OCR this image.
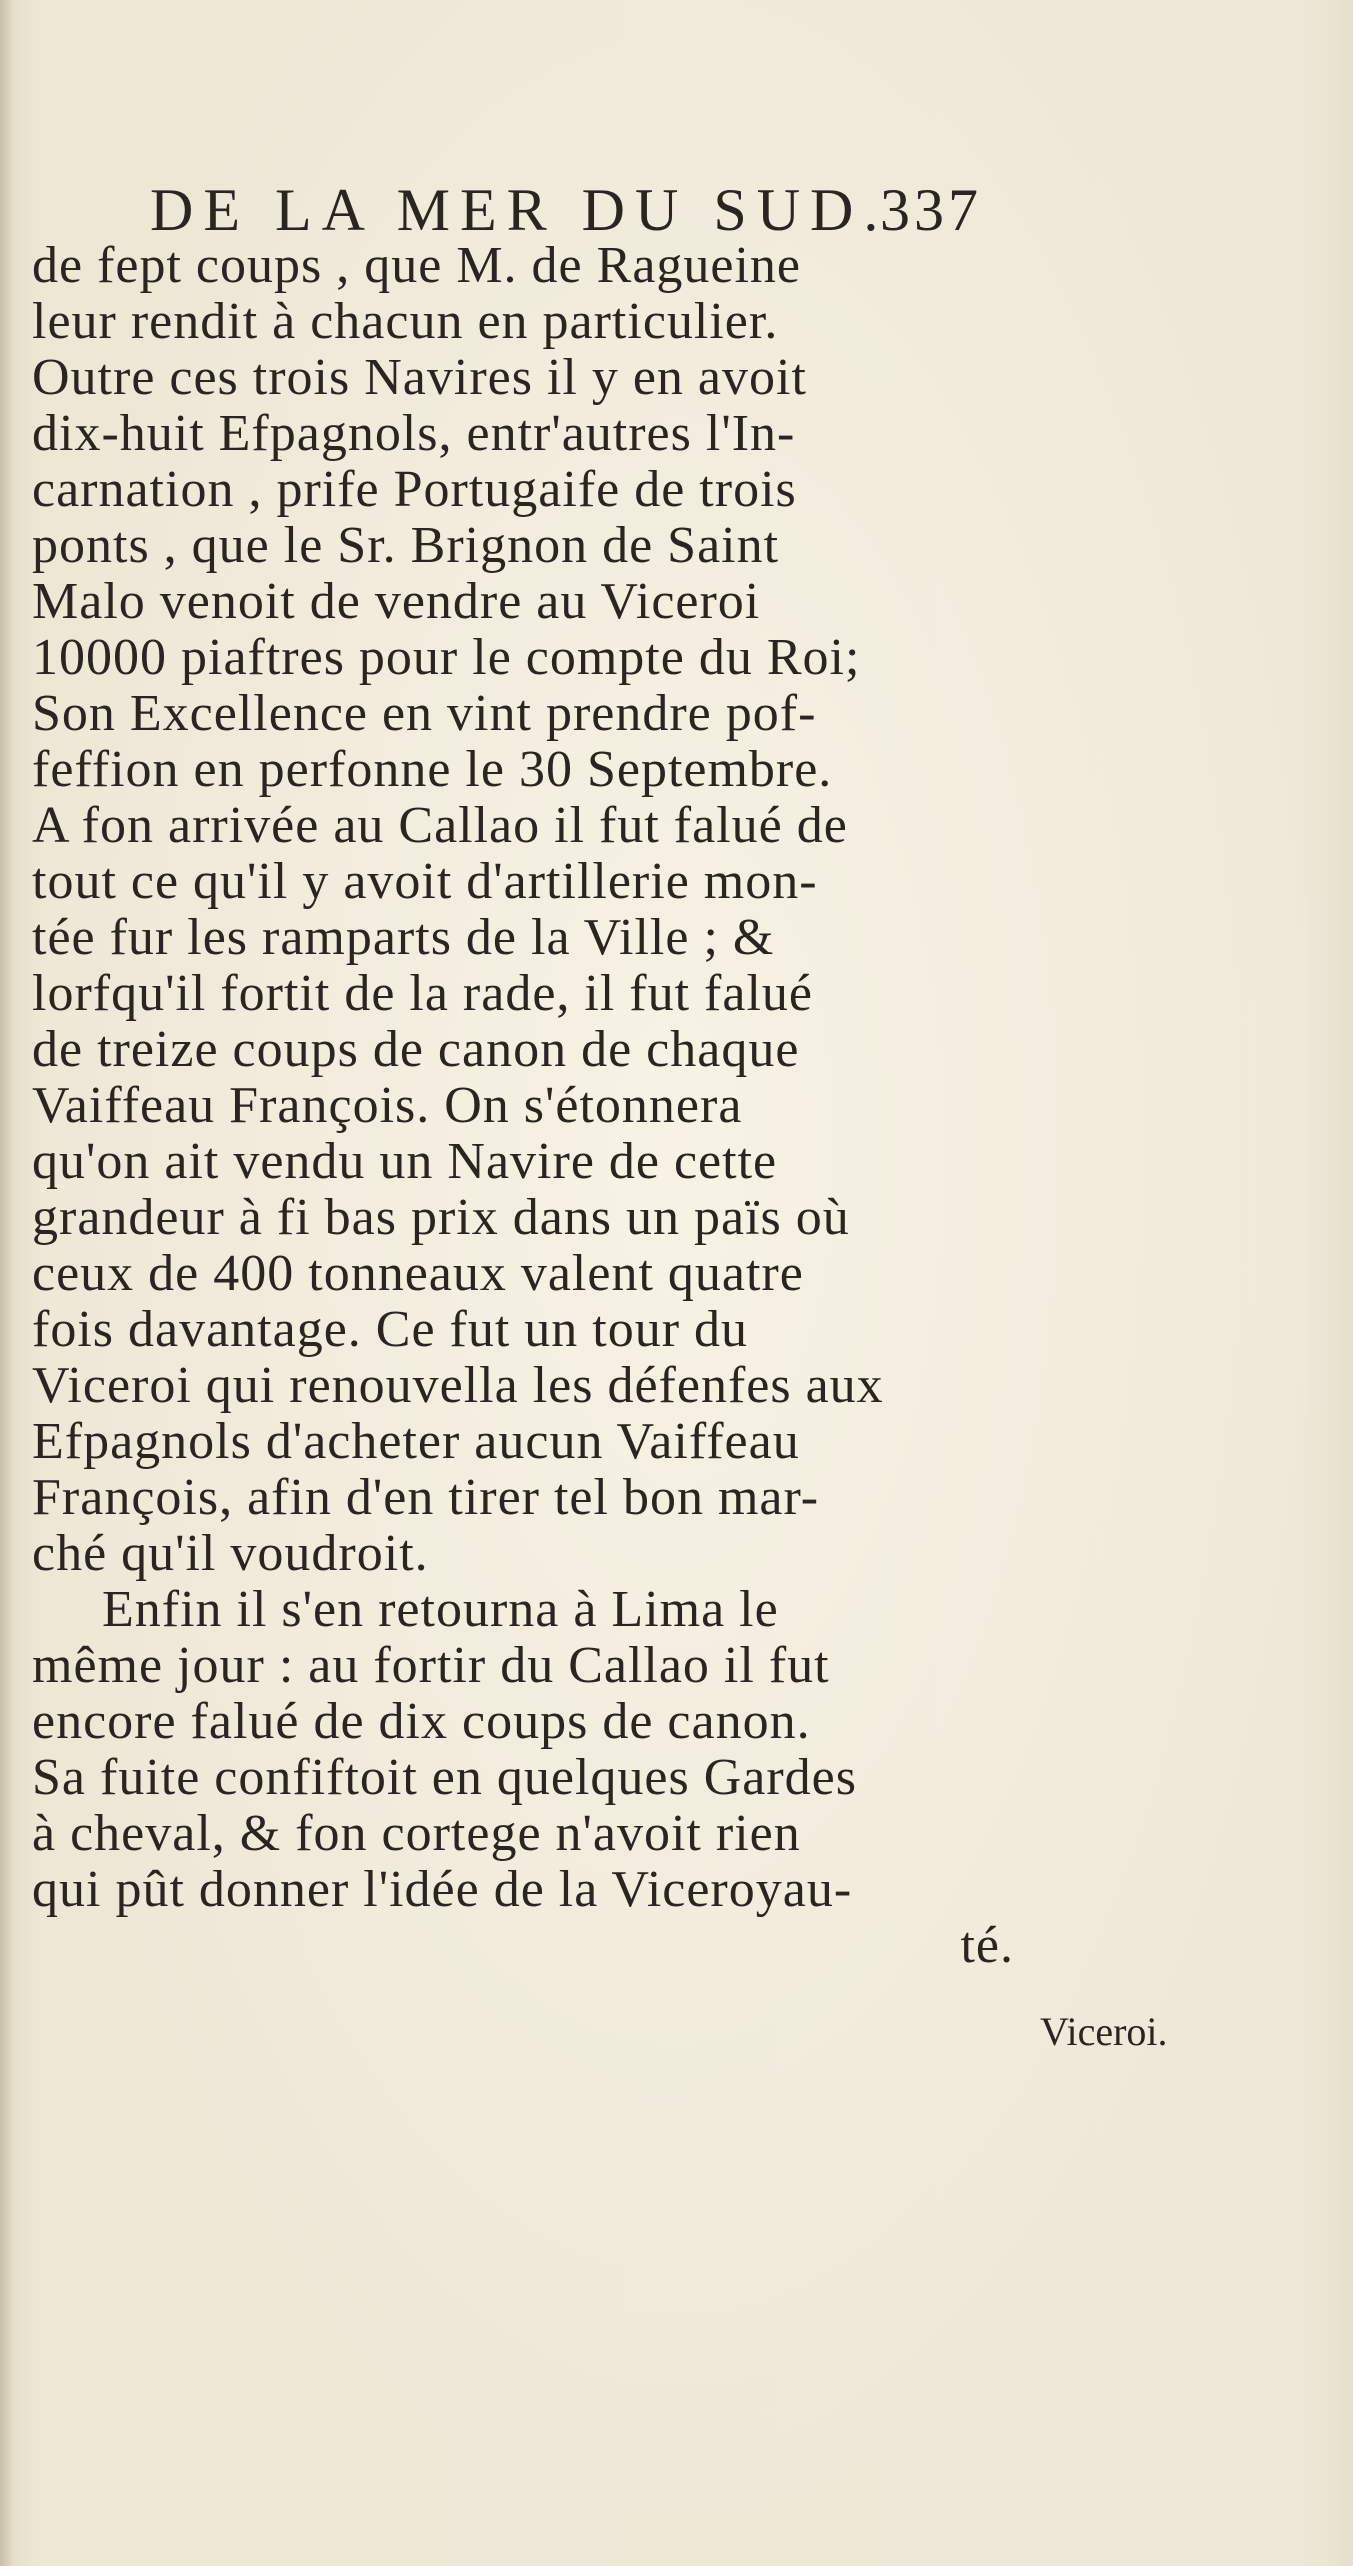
DE LA MER DU SUD.
337
de fept coups , que M. de Ragueine
leur rendit à chacun en particulier.
Outre ces trois Navires il y en avoit
dix-huit Efpagnols, entr'autres l'In-
carnation , prife Portugaife de trois
ponts , que le Sr. Brignon de Saint
Malo venoit de vendre au Viceroi
10000 piaftres pour le compte du Roi;
Son Excellence en vint prendre pof-
feffion en perfonne le 30 Septembre.
A fon arrivée au Callao il fut falué de
tout ce qu'il y avoit d'artillerie mon-
tée fur les ramparts de la Ville ; &
lorfqu'il fortit de la rade, il fut falué
de treize coups de canon de chaque
Vaiffeau François. On s'étonnera
qu'on ait vendu un Navire de cette
grandeur à fi bas prix dans un païs où
ceux de 400 tonneaux valent quatre
fois davantage. Ce fut un tour du
Viceroi qui renouvella les défenfes aux
Efpagnols d'acheter aucun Vaiffeau
François, afin d'en tirer tel bon mar-
ché qu'il voudroit.
Enfin il s'en retourna à Lima le
même jour : au fortir du Callao il fut
encore falué de dix coups de canon.
Sa fuite confiftoit en quelques Gardes
à cheval, & fon cortege n'avoit rien
qui pût donner l'idée de la Viceroyau-
té.
Viceroi.
